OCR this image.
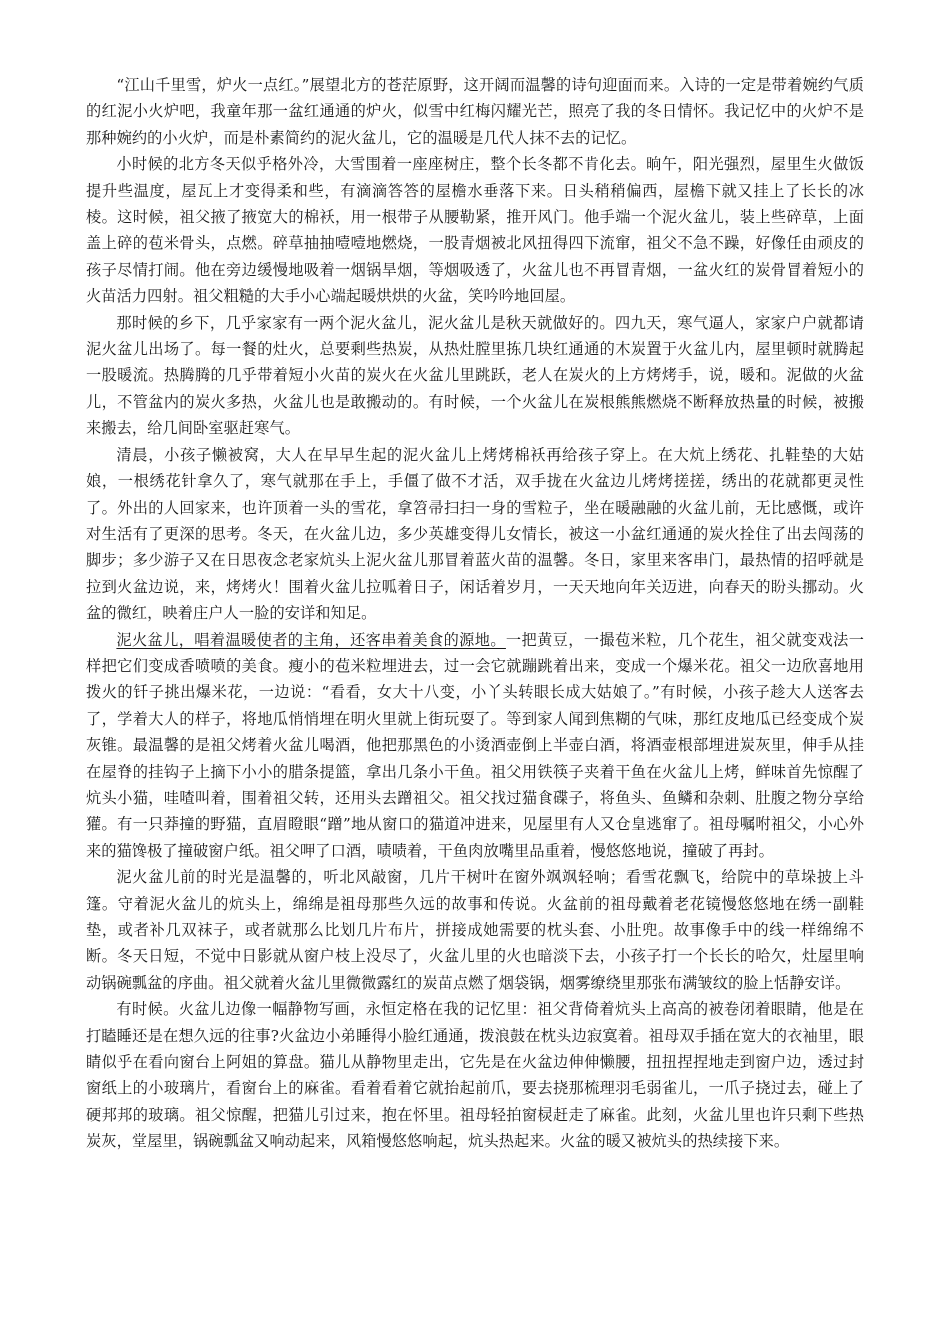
“江山千里雪，炉火一点红。”展望北方的苍茫原野，这开阔而温馨的诗句迎面而来。入诗的一定是带着婉约气质的红泥小火炉吧，我童年那一盆红通通的炉火，似雪中红梅闪耀光芒，照亮了我的冬日情怀。我记忆中的火炉不是那种婉约的小火炉，而是朴素简约的泥火盆儿，它的温暖是几代人抹不去的记忆。

小时候的北方冬天似乎格外冷，大雪围着一座座树庄，整个长冬都不肯化去。晌午，阳光强烈，屋里生火做饭提升些温度，屋瓦上才变得柔和些，有滴滴答答的屋檐水垂落下来。日头稍稍偏西，屋檐下就又挂上了长长的冰棱。这时候，祖父掖了掖宽大的棉袄，用一根带子从腰勒紧，推开风门。他手端一个泥火盆儿，装上些碎草，上面盖上碎的苞米骨头，点燃。碎草抽抽噎噎地燃烧，一股青烟被北风扭得四下流窜，祖父不急不躁，好像任由顽皮的孩子尽情打闹。他在旁边缓慢地吸着一烟锅旱烟，等烟吸透了，火盆儿也不再冒青烟，一盆火红的炭骨冒着短小的火苗活力四射。祖父粗糙的大手小心端起暖烘烘的火盆，笑吟吟地回屋。

那时候的乡下，几乎家家有一两个泥火盆儿，泥火盆儿是秋天就做好的。四九天，寒气逼人，家家户户就都请泥火盆儿出场了。每一餐的灶火，总要剩些热炭，从热灶膛里拣几块红通通的木炭置于火盆儿内，屋里顿时就腾起一股暖流。热腾腾的几乎带着短小火苗的炭火在火盆儿里跳跃，老人在炭火的上方烤烤手，说，暖和。泥做的火盆儿，不管盆内的炭火多热，火盆儿也是敢搬动的。有时候，一个火盆儿在炭根熊熊燃烧不断释放热量的时候，被搬来搬去，给几间卧室驱赶寒气。

清晨，小孩子懒被窝，大人在早早生起的泥火盆儿上烤烤棉袄再给孩子穿上。在大炕上绣花、扎鞋垫的大姑娘，一根绣花针拿久了，寒气就那在手上，手僵了做不才活，双手拢在火盆边儿烤烤搓搓，绣出的花就都更灵性了。外出的人回家来，也许顶着一头的雪花，拿笤帚扫扫一身的雪粒子，坐在暖融融的火盆儿前，无比感慨，或许对生活有了更深的思考。冬天，在火盆儿边，多少英雄变得儿女情长，被这一小盆红通通的炭火拴住了出去闯荡的脚步；多少游子又在日思夜念老家炕头上泥火盆儿那冒着蓝火苗的温馨。冬日，家里来客串门，最热情的招呼就是拉到火盆边说，来，烤烤火！围着火盆儿拉呱着日子，闲话着岁月，一天天地向年关迈进，向春天的盼头挪动。火盆的微红，映着庄户人一脸的安详和知足。

泥火盆儿，唱着温暖使者的主角，还客串着美食的源地。一把黄豆，一撮苞米粒，几个花生，祖父就变戏法一样把它们变成香喷喷的美食。瘦小的苞米粒埋进去，过一会它就蹦跳着出来，变成一个爆米花。祖父一边欣喜地用拨火的钎子挑出爆米花，一边说：“看看，女大十八变，小丫头转眼长成大姑娘了。”有时候，小孩子趁大人送客去了，学着大人的样子，将地瓜悄悄埋在明火里就上街玩耍了。等到家人闻到焦糊的气味，那红皮地瓜已经变成个炭灰锥。最温馨的是祖父烤着火盆儿喝酒，他把那黑色的小烫酒壶倒上半壶白酒，将酒壶根部埋进炭灰里，伸手从挂在屋脊的挂钩子上摘下小小的腊条提篮，拿出几条小干鱼。祖父用铁筷子夹着干鱼在火盆儿上烤，鲜味首先惊醒了炕头小猫，哇喳叫着，围着祖父转，还用头去蹭祖父。祖父找过猫食碟子，将鱼头、鱼鳞和杂刺、肚腹之物分享给獾。有一只莽撞的野猫，直眉瞪眼“蹭”地从窗口的猫道冲进来，见屋里有人又仓皇逃窜了。祖母嘱咐祖父，小心外来的猫馋极了撞破窗户纸。祖父呷了口酒，啧啧着，干鱼肉放嘴里品重着，慢悠悠地说，撞破了再封。

泥火盆儿前的时光是温馨的，听北风敲窗，几片干树叶在窗外飒飒轻响；看雪花飘飞，给院中的草垛披上斗篷。守着泥火盆儿的炕头上，绵绵是祖母那些久远的故事和传说。火盆前的祖母戴着老花镜慢悠悠地在绣一副鞋垫，或者补几双袜子，或者就那么比划几片布片，拼接成她需要的枕头套、小肚兜。故事像手中的线一样绵绵不断。冬天日短，不觉中日影就从窗户枝上没尽了，火盆儿里的火也暗淡下去，小孩子打一个长长的哈欠，灶屋里响动锅碗瓢盆的序曲。祖父就着火盆儿里微微露红的炭苗点燃了烟袋锅，烟雾缭绕里那张布满皱纹的脸上恬静安详。

有时候。火盆儿边像一幅静物写画，永恒定格在我的记忆里：祖父背倚着炕头上高高的被卷闭着眼睛，他是在打瞌睡还是在想久远的往事?火盆边小弟睡得小脸红通通，拨浪鼓在枕头边寂寞着。祖母双手插在宽大的衣袖里，眼睛似乎在看向窗台上阿姐的算盘。猫儿从静物里走出，它先是在火盆边伸伸懒腰，扭扭捏捏地走到窗户边，透过封窗纸上的小玻璃片，看窗台上的麻雀。看着看着它就抬起前爪，要去挠那梳理羽毛弱雀儿，一爪子挠过去，碰上了硬邦邦的玻璃。祖父惊醒，把猫儿引过来，抱在怀里。祖母轻拍窗棂赶走了麻雀。此刻，火盆儿里也许只剩下些热炭灰，堂屋里，锅碗瓢盆又响动起来，风箱慢悠悠响起，炕头热起来。火盆的暖又被炕头的热续接下来。
